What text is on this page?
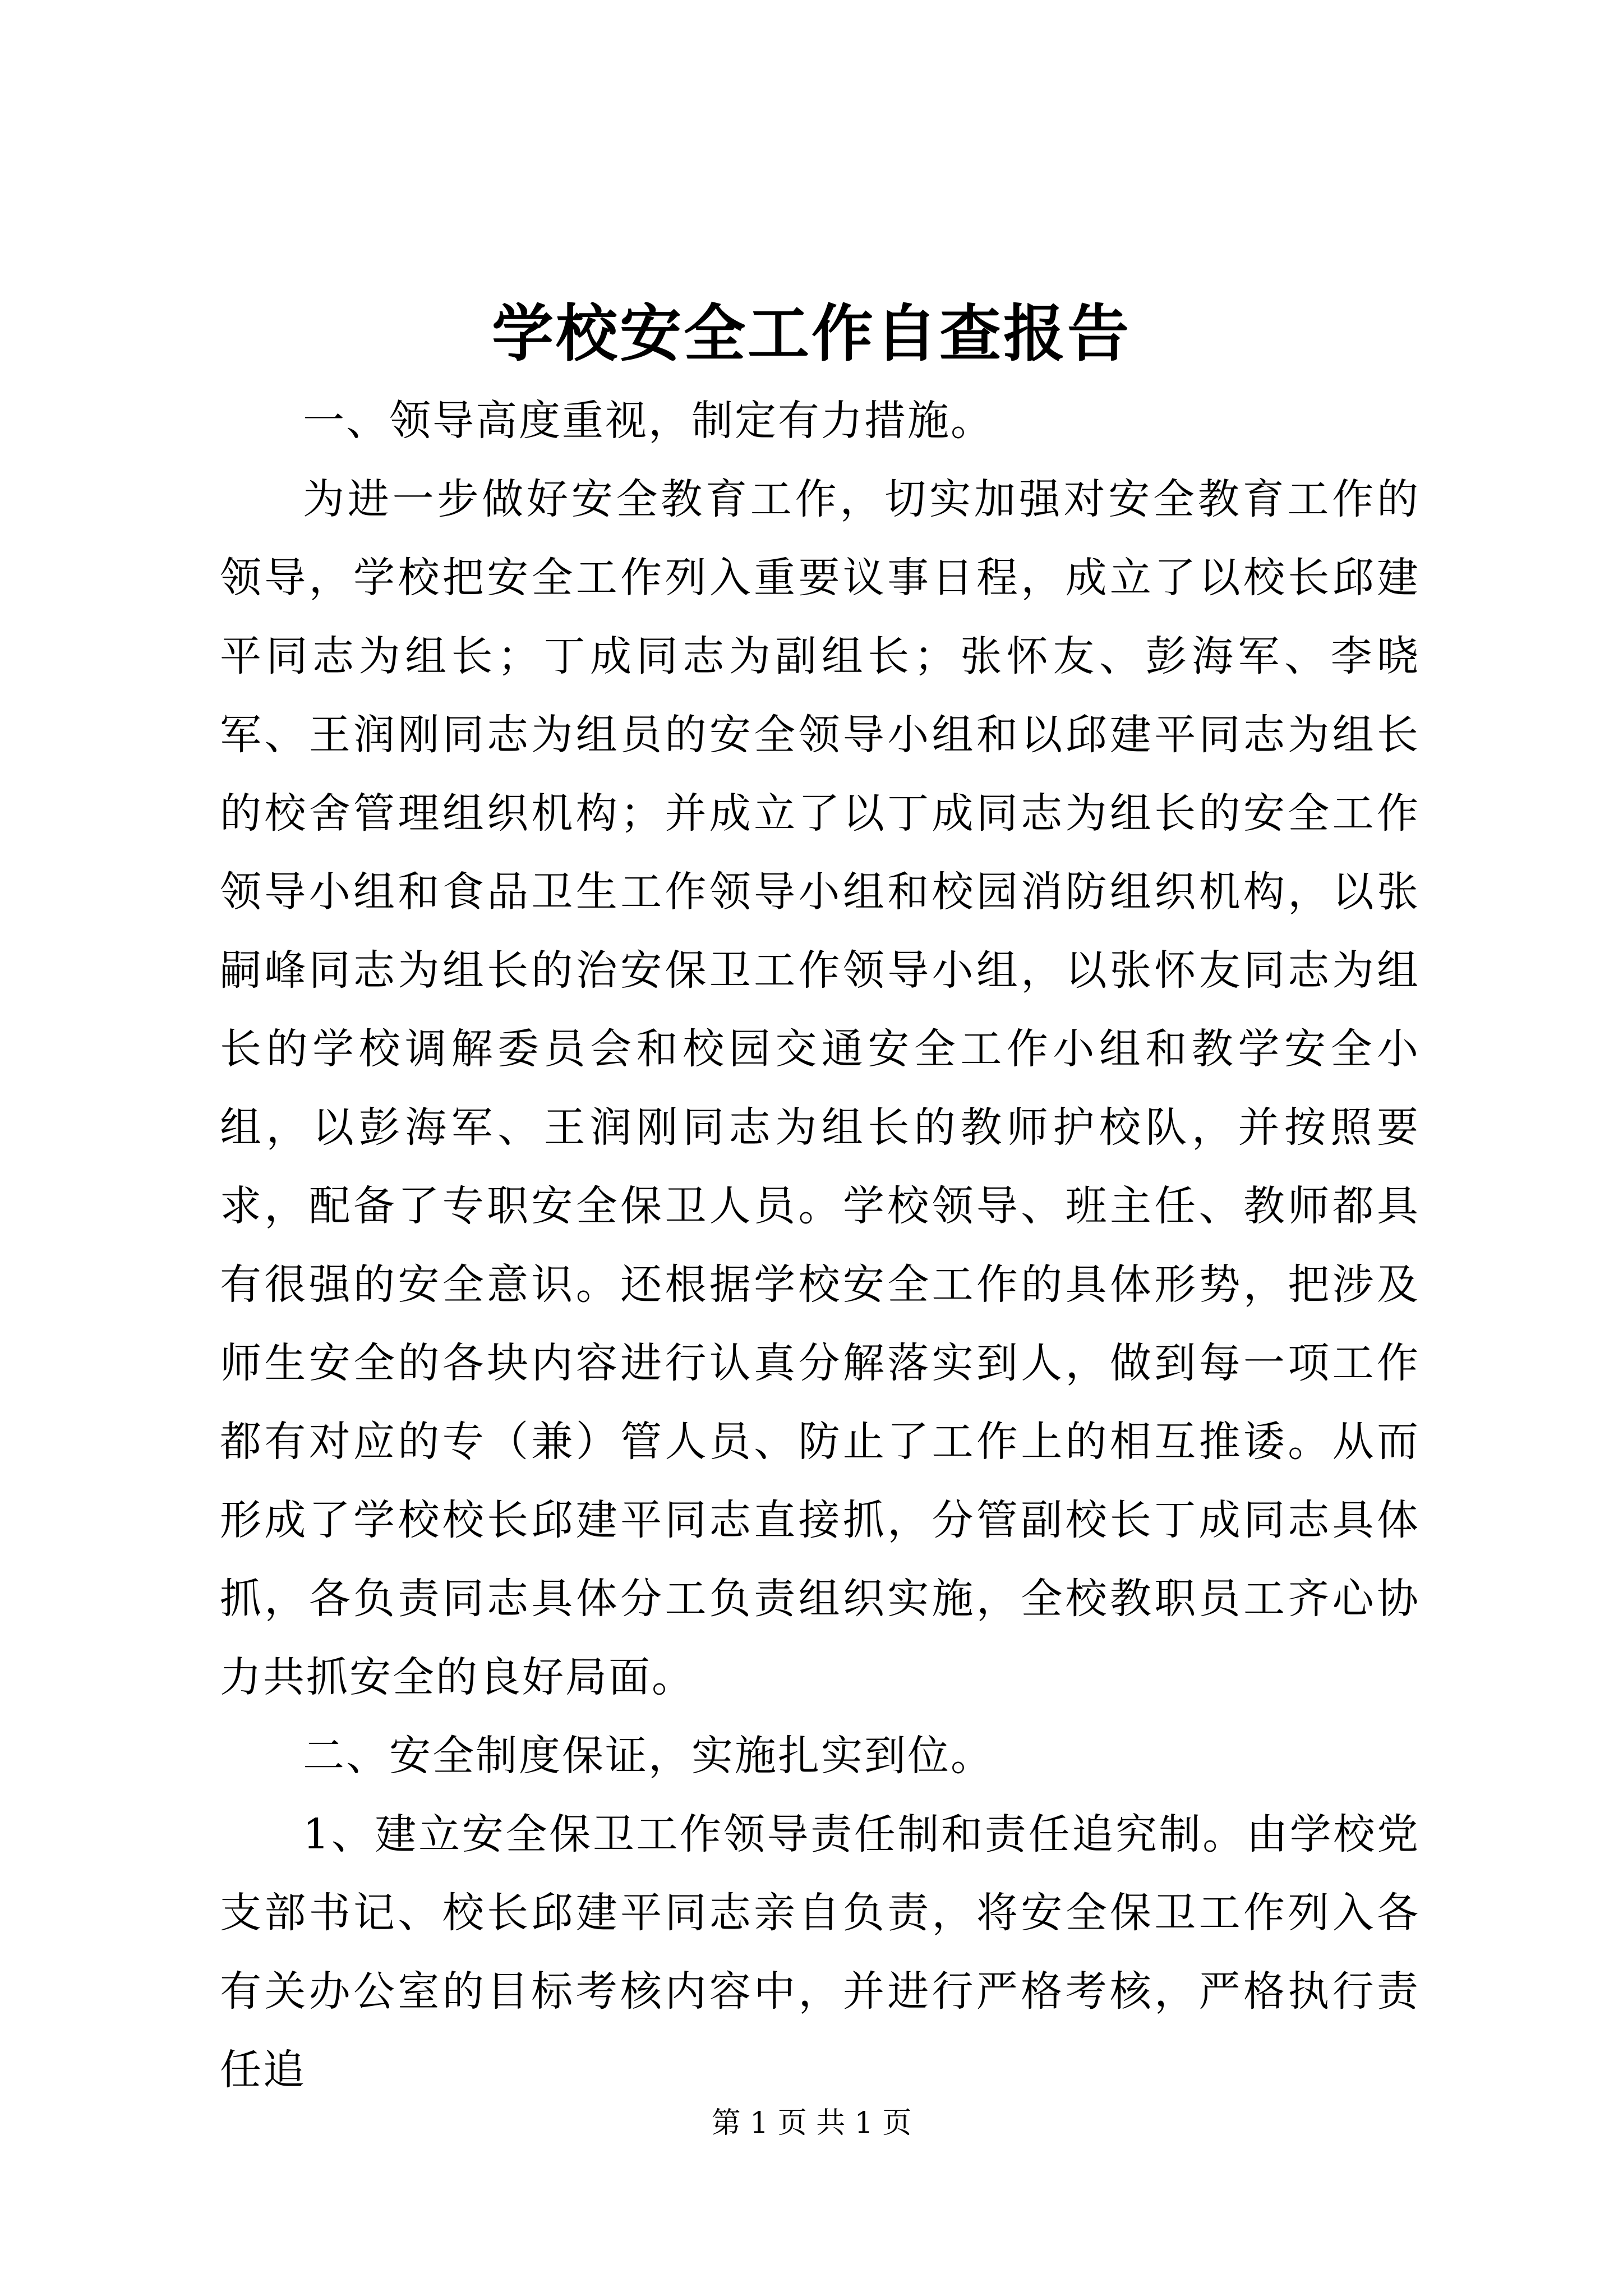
学校安全工作自查报告

一、领导高度重视，制定有力措施。

为进一步做好安全教育工作，切实加强对安全教育工作的领导，学校把安全工作列入重要议事日程，成立了以校长邱建平同志为组长；丁成同志为副组长；张怀友、彭海军、李晓军、王润刚同志为组员的安全领导小组和以邱建平同志为组长的校舍管理组织机构；并成立了以丁成同志为组长的安全工作领导小组和食品卫生工作领导小组和校园消防组织机构，以张嗣峰同志为组长的治安保卫工作领导小组，以张怀友同志为组长的学校调解委员会和校园交通安全工作小组和教学安全小组，以彭海军、王润刚同志为组长的教师护校队，并按照要求，配备了专职安全保卫人员。学校领导、班主任、教师都具有很强的安全意识。还根据学校安全工作的具体形势，把涉及师生安全的各块内容进行认真分解落实到人，做到每一项工作都有对应的专（兼）管人员、防止了工作上的相互推诿。从而形成了学校校长邱建平同志直接抓，分管副校长丁成同志具体抓，各负责同志具体分工负责组织实施，全校教职员工齐心协力共抓安全的良好局面。

二、安全制度保证，实施扎实到位。

1、建立安全保卫工作领导责任制和责任追究制。由学校党支部书记、校长邱建平同志亲自负责，将安全保卫工作列入各有关办公室的目标考核内容中，并进行严格考核，严格执行责任追

第 1 页 共 1 页
